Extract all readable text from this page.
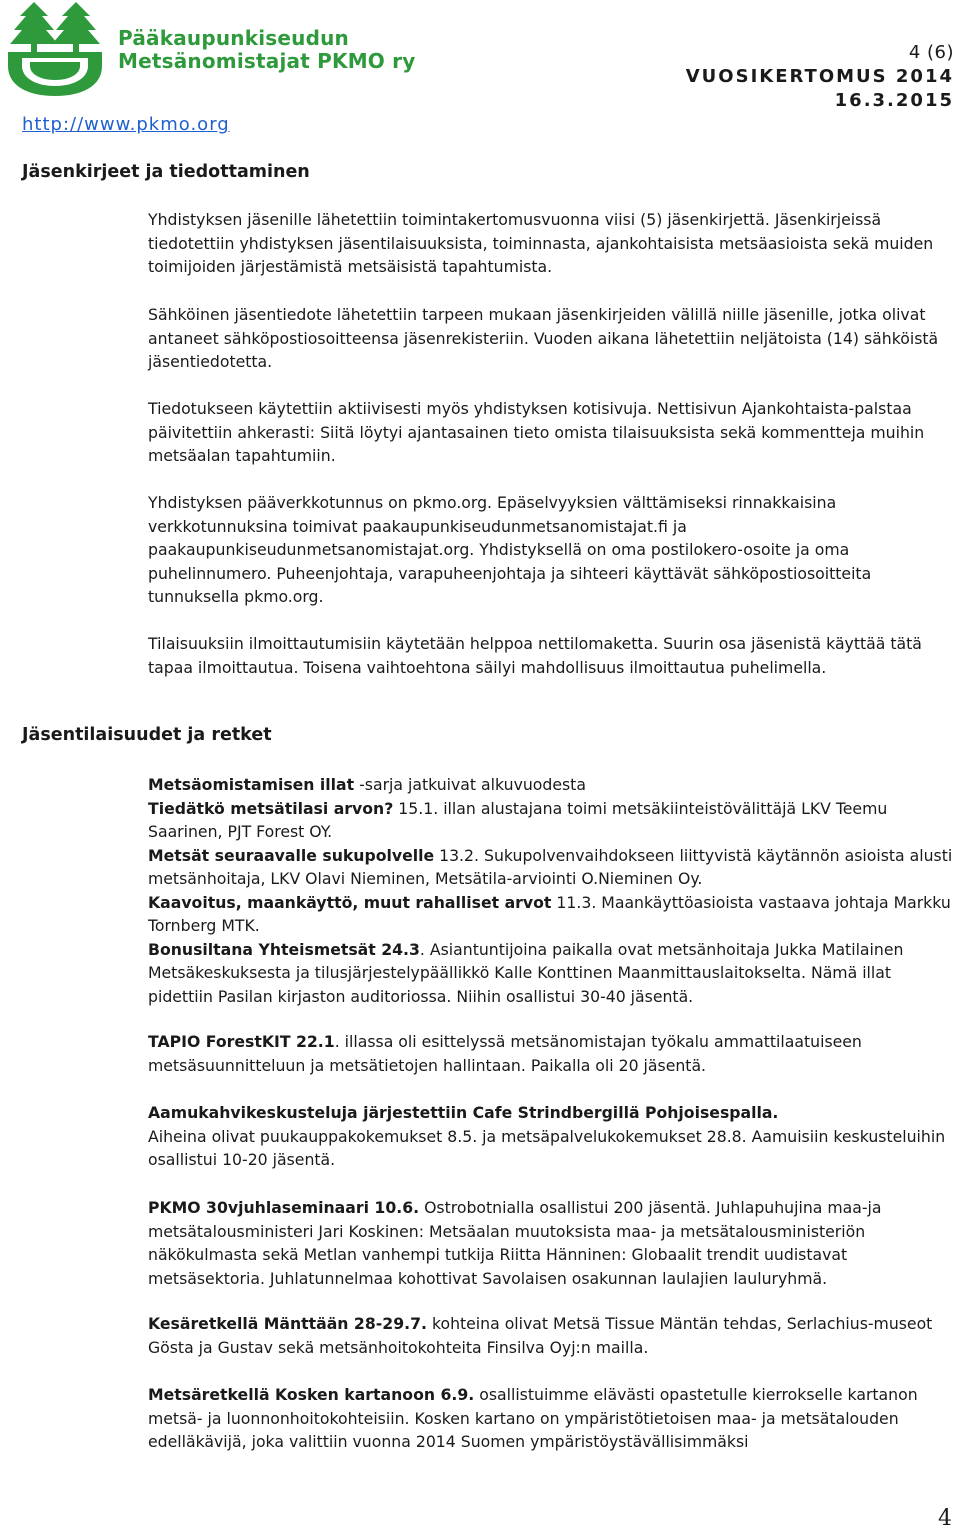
Pääkaupunkiseudun
Metsänomistajat PKMO ry
http://www.pkmo.org
4 (6)
VUOSIKERTOMUS 2014
16.3.2015
Jäsenkirjeet ja tiedottaminen
Yhdistyksen jäsenille lähetettiin toimintakertomusvuonna viisi (5) jäsenkirjettä. Jäsenkirjeissä tiedotettiin yhdistyksen jäsentilaisuuksista, toiminnasta, ajankohtaisista metsäasioista sekä muiden toimijoiden järjestämistä metsäisistä tapahtumista.
Sähköinen jäsentiedote lähetettiin tarpeen mukaan jäsenkirjeiden välillä niille jäsenille, jotka olivat antaneet sähköpostiosoitteensa jäsenrekisteriin. Vuoden aikana lähetettiin neljätoista (14) sähköistä jäsentiedotetta.
Tiedotukseen käytettiin aktiivisesti myös yhdistyksen kotisivuja. Nettisivun Ajankohtaista-palstaa päivitettiin ahkerasti: Siitä löytyi ajantasainen tieto omista tilaisuuksista sekä kommentteja muihin metsäalan tapahtumiin.
Yhdistyksen pääverkkotunnus on pkmo.org. Epäselvyyksien välttämiseksi rinnakkaisina verkkotunnuksina toimivat paakaupunkiseudunmetsanomistajat.fi ja paakaupunkiseudunmetsanomistajat.org. Yhdistyksellä on oma postilokero-osoite ja oma puhelinnumero. Puheenjohtaja, varapuheenjohtaja ja sihteeri käyttävät sähköpostiosoitteita tunnuksella pkmo.org.
Tilaisuuksiin ilmoittautumisiin käytetään helppoa nettilomaketta. Suurin osa jäsenistä käyttää tätä tapaa ilmoittautua. Toisena vaihtoehtona säilyi mahdollisuus ilmoittautua puhelimella.
Jäsentilaisuudet ja retket
Metsäomistamisen illat -sarja jatkuivat alkuvuodesta
Tiedätkö metsätilasi arvon? 15.1. illan alustajana toimi metsäkiinteistövälittäjä LKV Teemu Saarinen, PJT Forest OY.
Metsät seuraavalle sukupolvelle 13.2. Sukupolvenvaihdokseen liittyvistä käytännön asioista alusti metsänhoitaja, LKV Olavi Nieminen, Metsätila-arviointi O.Nieminen Oy.
Kaavoitus, maankäyttö, muut rahalliset arvot 11.3. Maankäyttöasioista vastaava johtaja Markku Tornberg MTK.
Bonusiltana Yhteismetsät 24.3. Asiantuntijoina paikalla ovat metsänhoitaja Jukka Matilainen Metsäkeskuksesta ja tilusjärjestelypäällikkö Kalle Konttinen Maanmittauslaitokselta. Nämä illat pidettiin Pasilan kirjaston auditoriossa. Niihin osallistui 30-40 jäsentä.
TAPIO ForestKIT 22.1. illassa oli esittelyssä metsänomistajan työkalu ammattilaatuiseen metsäsuunnitteluun ja metsätietojen hallintaan. Paikalla oli 20 jäsentä.
Aamukahvikeskusteluja järjestettiin Cafe Strindbergillä Pohjoisespalla.
Aiheina olivat puukauppakokemukset 8.5. ja metsäpalvelukokemukset 28.8. Aamuisiin keskusteluihin osallistui 10-20 jäsentä.
PKMO 30vjuhlaseminaari 10.6. Ostrobotnialla osallistui 200 jäsentä. Juhlapuhujina maa-ja metsätalousministeri Jari Koskinen: Metsäalan muutoksista maa- ja metsätalousministeriön näkökulmasta sekä Metlan vanhempi tutkija Riitta Hänninen: Globaalit trendit uudistavat metsäsektoria. Juhlatunnelmaa kohottivat Savolaisen osakunnan laulajien lauluryhmä.
Kesäretkellä Mänttään 28-29.7. kohteina olivat Metsä Tissue Mäntän tehdas, Serlachius-museot Gösta ja Gustav sekä metsänhoitokohteita Finsilva Oyj:n mailla.
Metsäretkellä Kosken kartanoon 6.9. osallistuimme elävästi opastetulle kierrokselle kartanon metsä- ja luonnonhoitokohteisiin. Kosken kartano on ympäristötietoisen maa- ja metsätalouden edelläkävijä, joka valittiin vuonna 2014 Suomen ympäristöystävällisimmäksi
4
